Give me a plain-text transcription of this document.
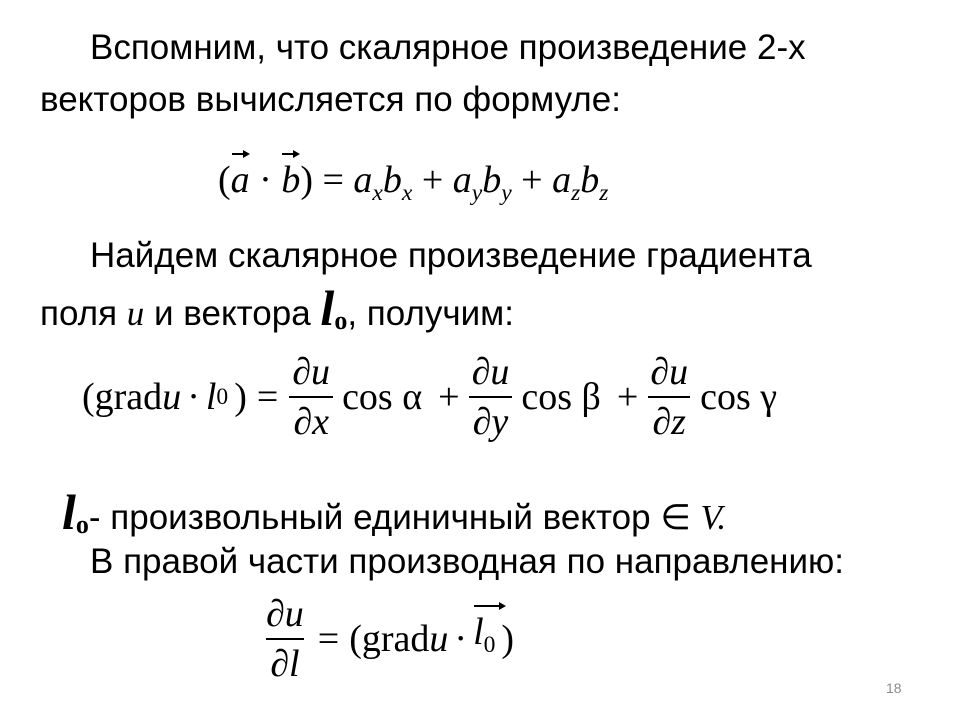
Вспомним, что скалярное произведение 2-х
векторов вычисляется по формуле:
(
$a \cdot b) = a_xb_x + a_yb_y + a_zb_z$
Найдем скалярное произведение градиента
поля u и вектора lo, получим:
(grad u · l 0 ) = $\frac{\partial u}{\partial x}$ $\cos \alpha + \frac{\partial u}{\partial y}$ $\cos \beta + \frac{\partial u}{\partial z}$ cos γ
lo- произвольный единичный вектор ∈ V.
В правой части производная по направлению:
$\frac{\partial u}{\partial l}$ = (grad $u \cdot l_0$ )
18
